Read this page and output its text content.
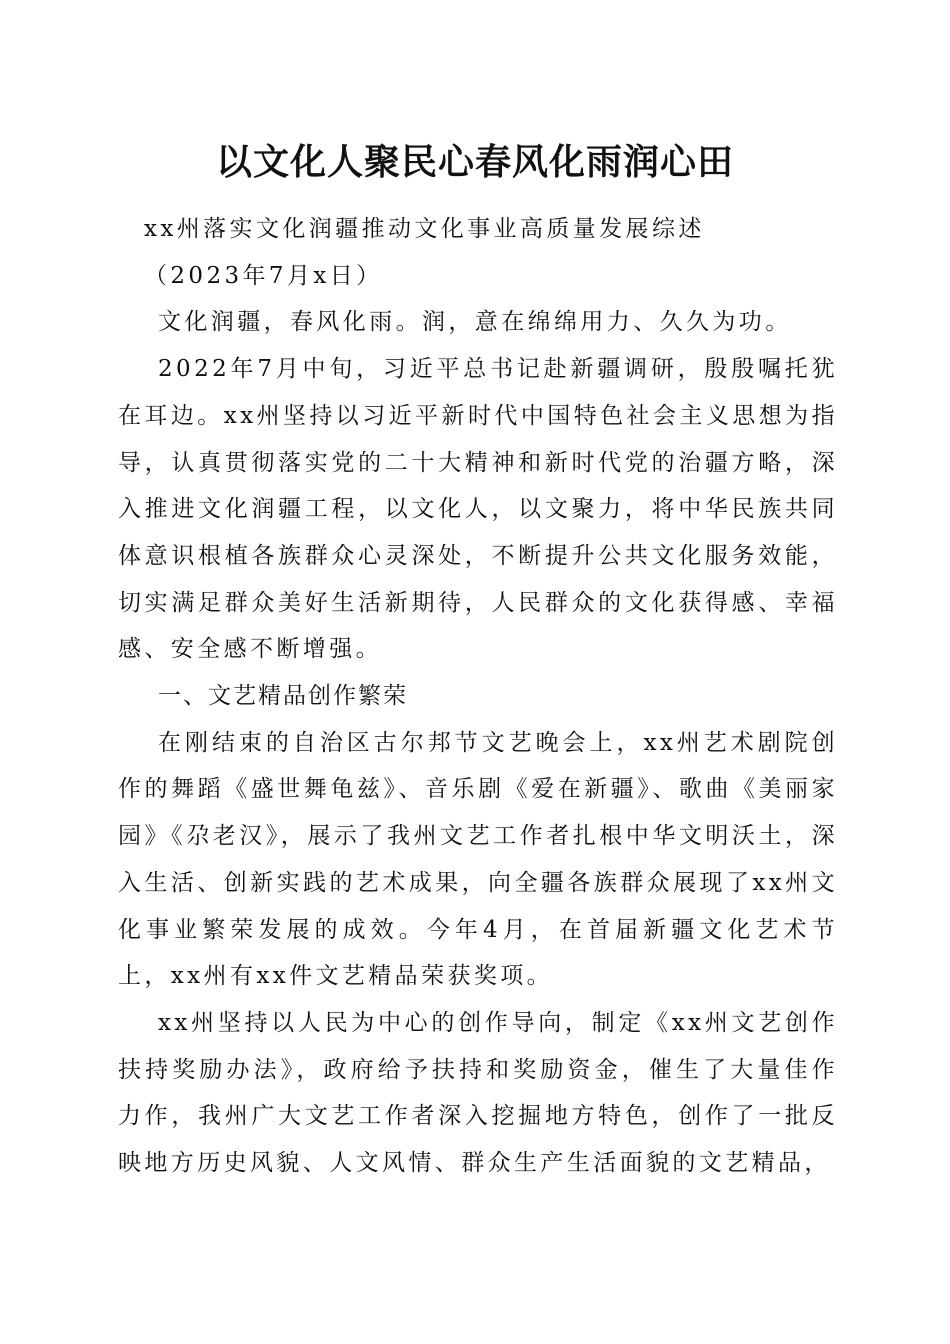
以文化人聚民心春风化雨润心田

xx州落实文化润疆推动文化事业高质量发展综述

（2023年7月x日）

文化润疆，春风化雨。润，意在绵绵用力、久久为功。

2022年7月中旬，习近平总书记赴新疆调研，殷殷嘱托犹在耳边。xx州坚持以习近平新时代中国特色社会主义思想为指导，认真贯彻落实党的二十大精神和新时代党的治疆方略，深入推进文化润疆工程，以文化人，以文聚力，将中华民族共同体意识根植各族群众心灵深处，不断提升公共文化服务效能，切实满足群众美好生活新期待，人民群众的文化获得感、幸福感、安全感不断增强。

一、文艺精品创作繁荣

在刚结束的自治区古尔邦节文艺晚会上，xx州艺术剧院创作的舞蹈《盛世舞龟兹》、音乐剧《爱在新疆》、歌曲《美丽家园》《尕老汉》，展示了我州文艺工作者扎根中华文明沃土，深入生活、创新实践的艺术成果，向全疆各族群众展现了xx州文化事业繁荣发展的成效。今年4月，在首届新疆文化艺术节上，xx州有xx件文艺精品荣获奖项。

xx州坚持以人民为中心的创作导向，制定《xx州文艺创作扶持奖励办法》，政府给予扶持和奖励资金，催生了大量佳作力作，我州广大文艺工作者深入挖掘地方特色，创作了一批反映地方历史风貌、人文风情、群众生产生活面貌的文艺精品，
